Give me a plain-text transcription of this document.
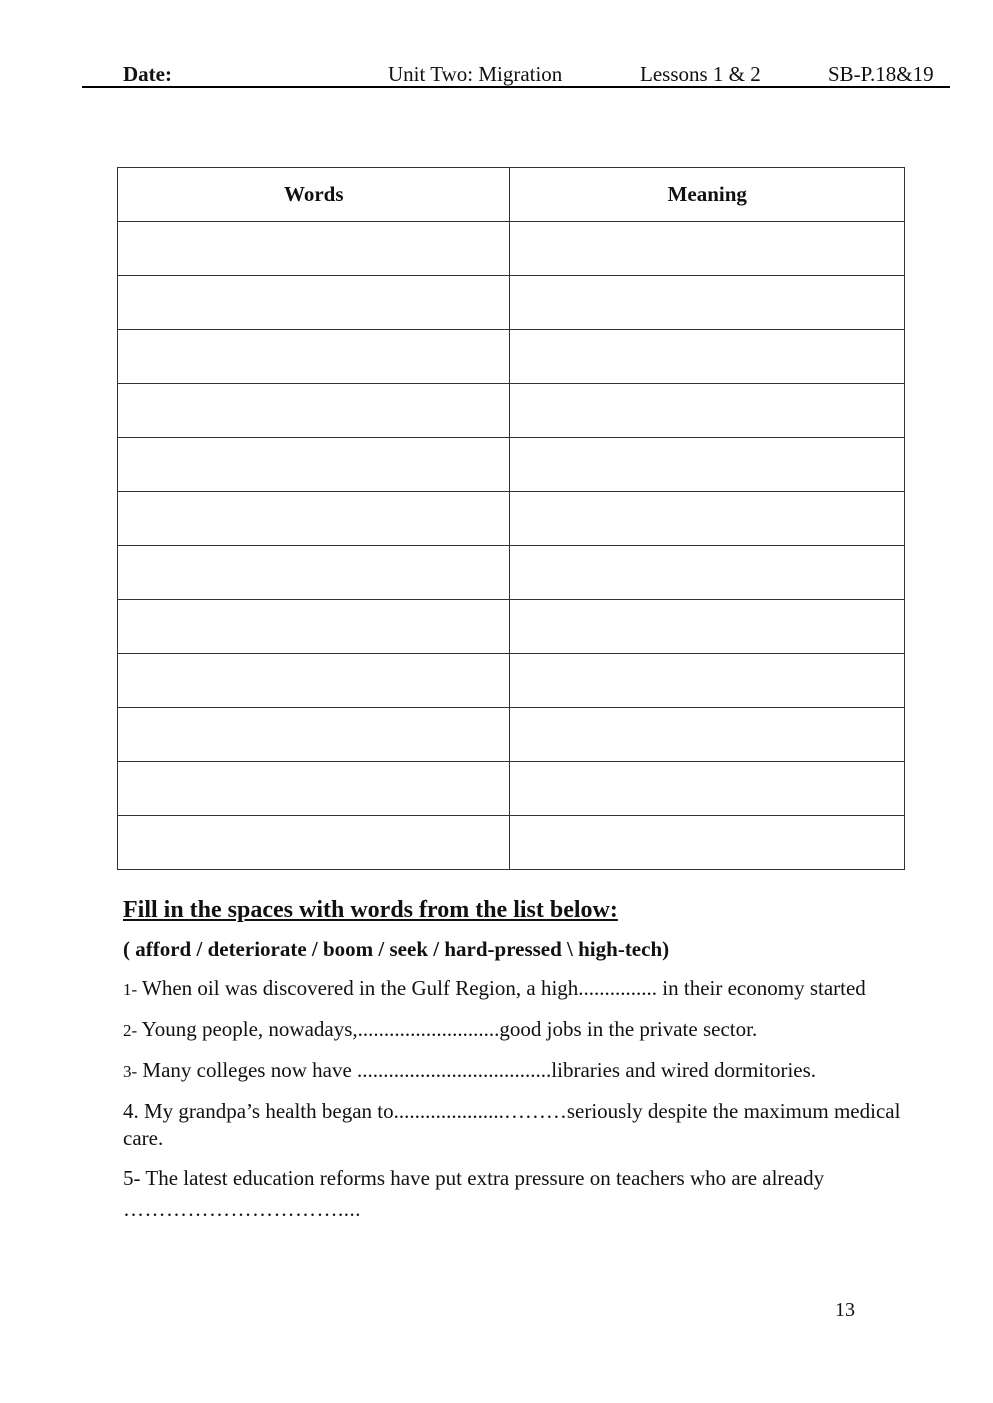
Date:	Unit Two: Migration	Lessons 1 & 2	SB-P.18&19
Words	Meaning

Fill in the spaces with words from the list below:
( afford / deteriorate / boom / seek / hard-pressed \ high-tech)
1- When oil was discovered in the Gulf Region, a high............... in their economy started
2- Young people, nowadays,...........................good jobs in the private sector.
3- Many colleges now have .....................................libraries and wired dormitories.
4. My grandpa’s health began to.....................………seriously despite the maximum medical care.
5- The latest education reforms have put extra pressure on teachers who are already
…………………………....
13
